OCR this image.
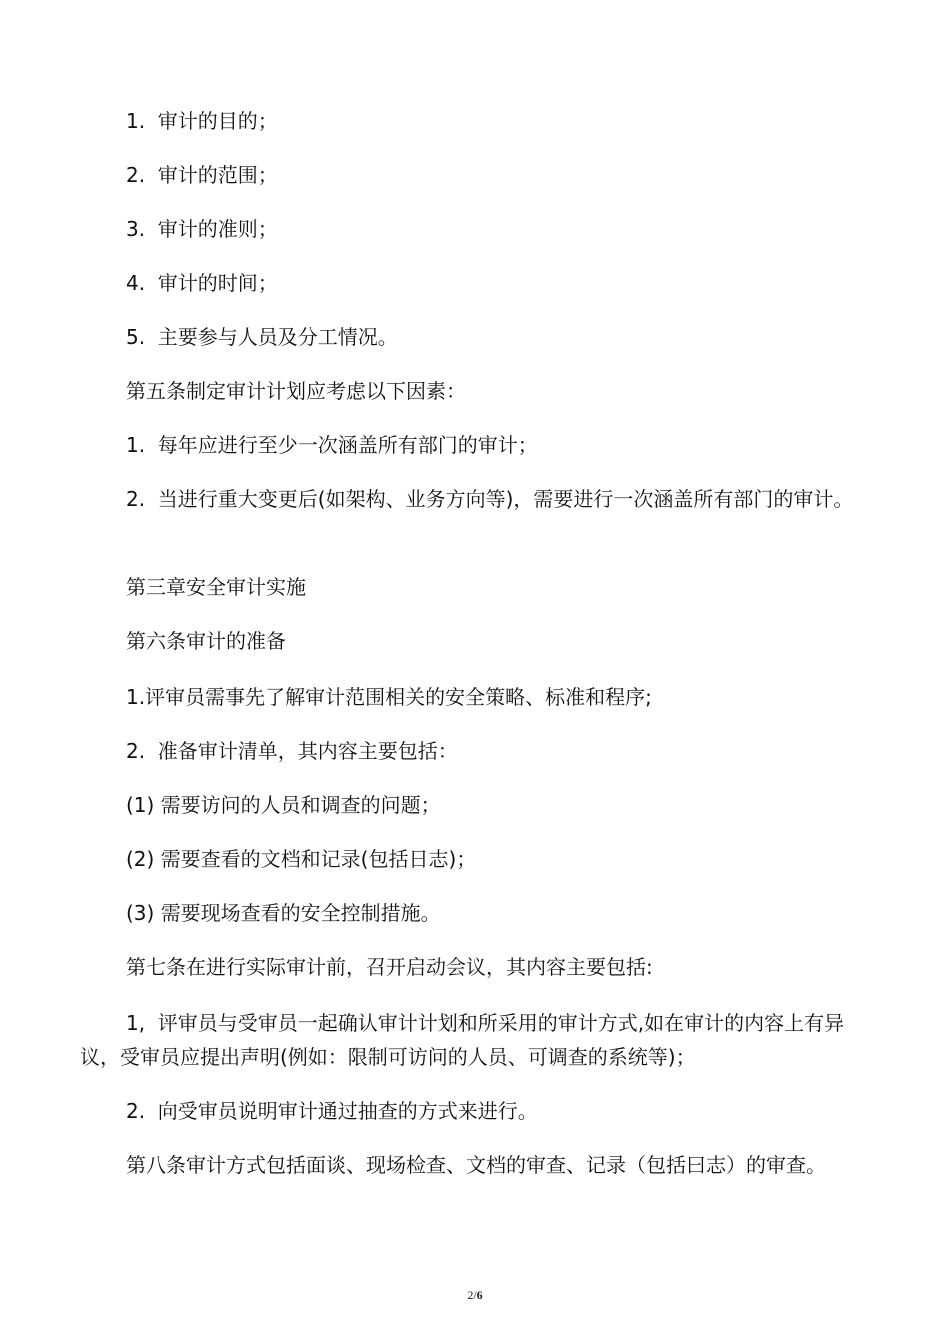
1.  审计的目的；

2.  审计的范围；

3.  审计的准则；

4.  审计的时间；

5.  主要参与人员及分工情况。

第五条制定审计计划应考虑以下因素：

1.  每年应进行至少一次涵盖所有部门的审计；

2.  当进行重大变更后(如架构、业务方向等)，需要进行一次涵盖所有部门的审计。

第三章安全审计实施

第六条审计的准备

1.评审员需事先了解审计范围相关的安全策略、标准和程序;

2.  准备审计清单，其内容主要包括：

(1) 需要访问的人员和调查的问题；

(2) 需要查看的文档和记录(包括日志)；

(3) 需要现场查看的安全控制措施。

第七条在进行实际审计前，召开启动会议，其内容主要包括:

1,  评审员与受审员一起确认审计计划和所采用的审计方式,如在审计的内容上有异议，受审员应提出声明(例如：限制可访问的人员、可调查的系统等)；

2.  向受审员说明审计通过抽查的方式来进行。

第八条审计方式包括面谈、现场检查、文档的审查、记录（包括曰志）的审查。

2/6
